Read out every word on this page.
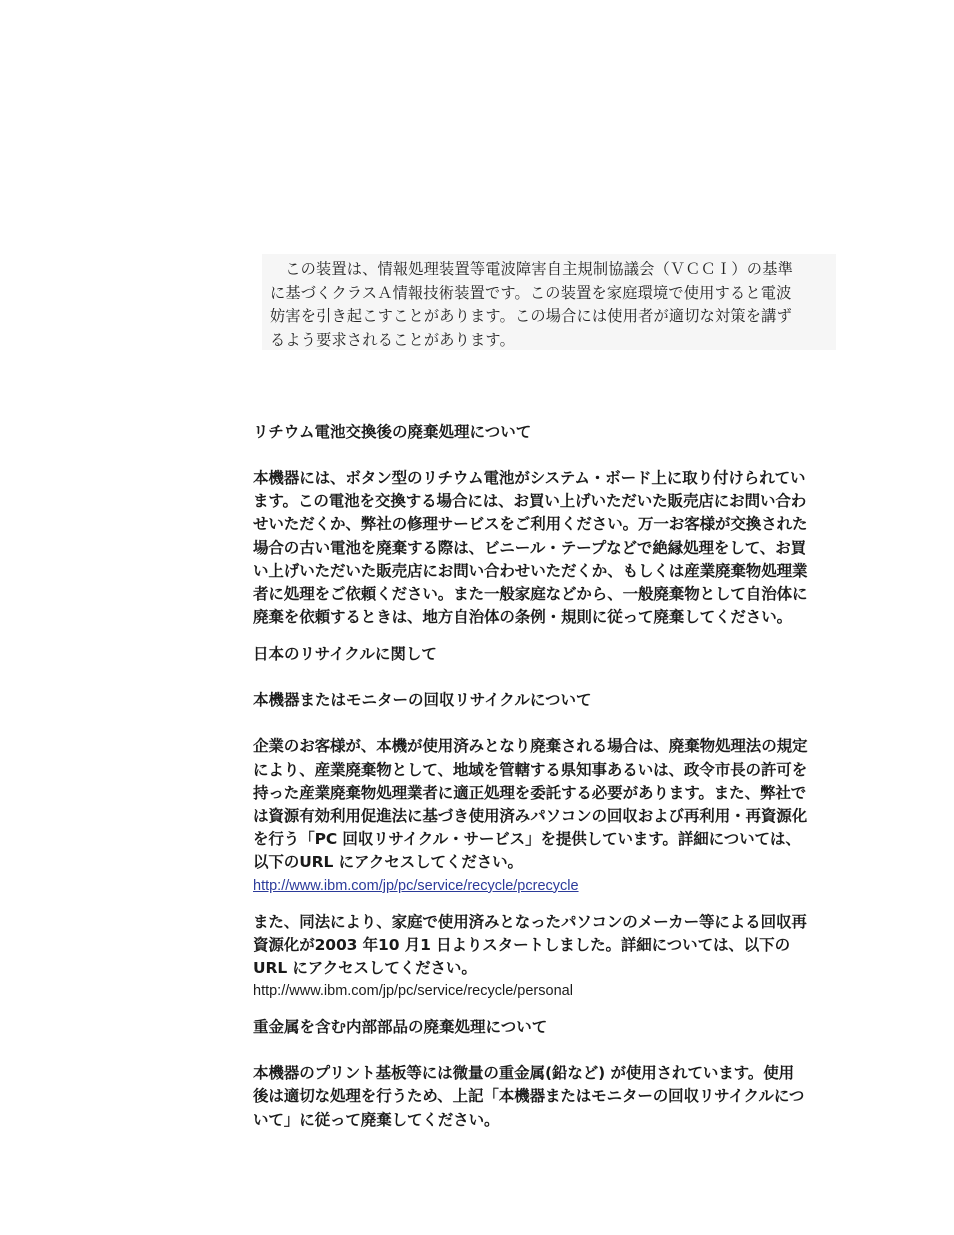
この装置は、情報処理装置等電波障害自主規制協議会（ＶＣＣＩ）の基準
に基づくクラスＡ情報技術装置です。この装置を家庭環境で使用すると電波
妨害を引き起こすことがあります。この場合には使用者が適切な対策を講ず
るよう要求されることがあります。

リチウム電池交換後の廃棄処理について

本機器には、ボタン型のリチウム電池がシステム・ボード上に取り付けられてい
ます。この電池を交換する場合には、お買い上げいただいた販売店にお問い合わ
せいただくか、弊社の修理サービスをご利用ください。万一お客様が交換された
場合の古い電池を廃棄する際は、ビニール・テープなどで絶縁処理をして、お買
い上げいただいた販売店にお問い合わせいただくか、もしくは産業廃棄物処理業
者に処理をご依頼ください。また一般家庭などから、一般廃棄物として自治体に
廃棄を依頼するときは、地方自治体の条例・規則に従って廃棄してください。

日本のリサイクルに関して
本機器またはモニターの回収リサイクルについて

企業のお客様が、本機が使用済みとなり廃棄される場合は、廃棄物処理法の規定
により、産業廃棄物として、地域を管轄する県知事あるいは、政令市長の許可を
持った産業廃棄物処理業者に適正処理を委託する必要があります。また、弊社で
は資源有効利用促進法に基づき使用済みパソコンの回収および再利用・再資源化
を行う「PC 回収リサイクル・サービス」を提供しています。詳細については、
以下のURL にアクセスしてください。

http://www.ibm.com/jp/pc/service/recycle/pcrecycle

また、同法により、家庭で使用済みとなったパソコンのメーカー等による回収再
資源化が2003 年10 月1 日よりスタートしました。詳細については、以下の
URL にアクセスしてください。

http://www.ibm.com/jp/pc/service/recycle/personal
重金属を含む内部部品の廃棄処理について

本機器のプリント基板等には微量の重金属(鉛など) が使用されています。使用
後は適切な処理を行うため、上記「本機器またはモニターの回収リサイクルにつ
いて」に従って廃棄してください。
